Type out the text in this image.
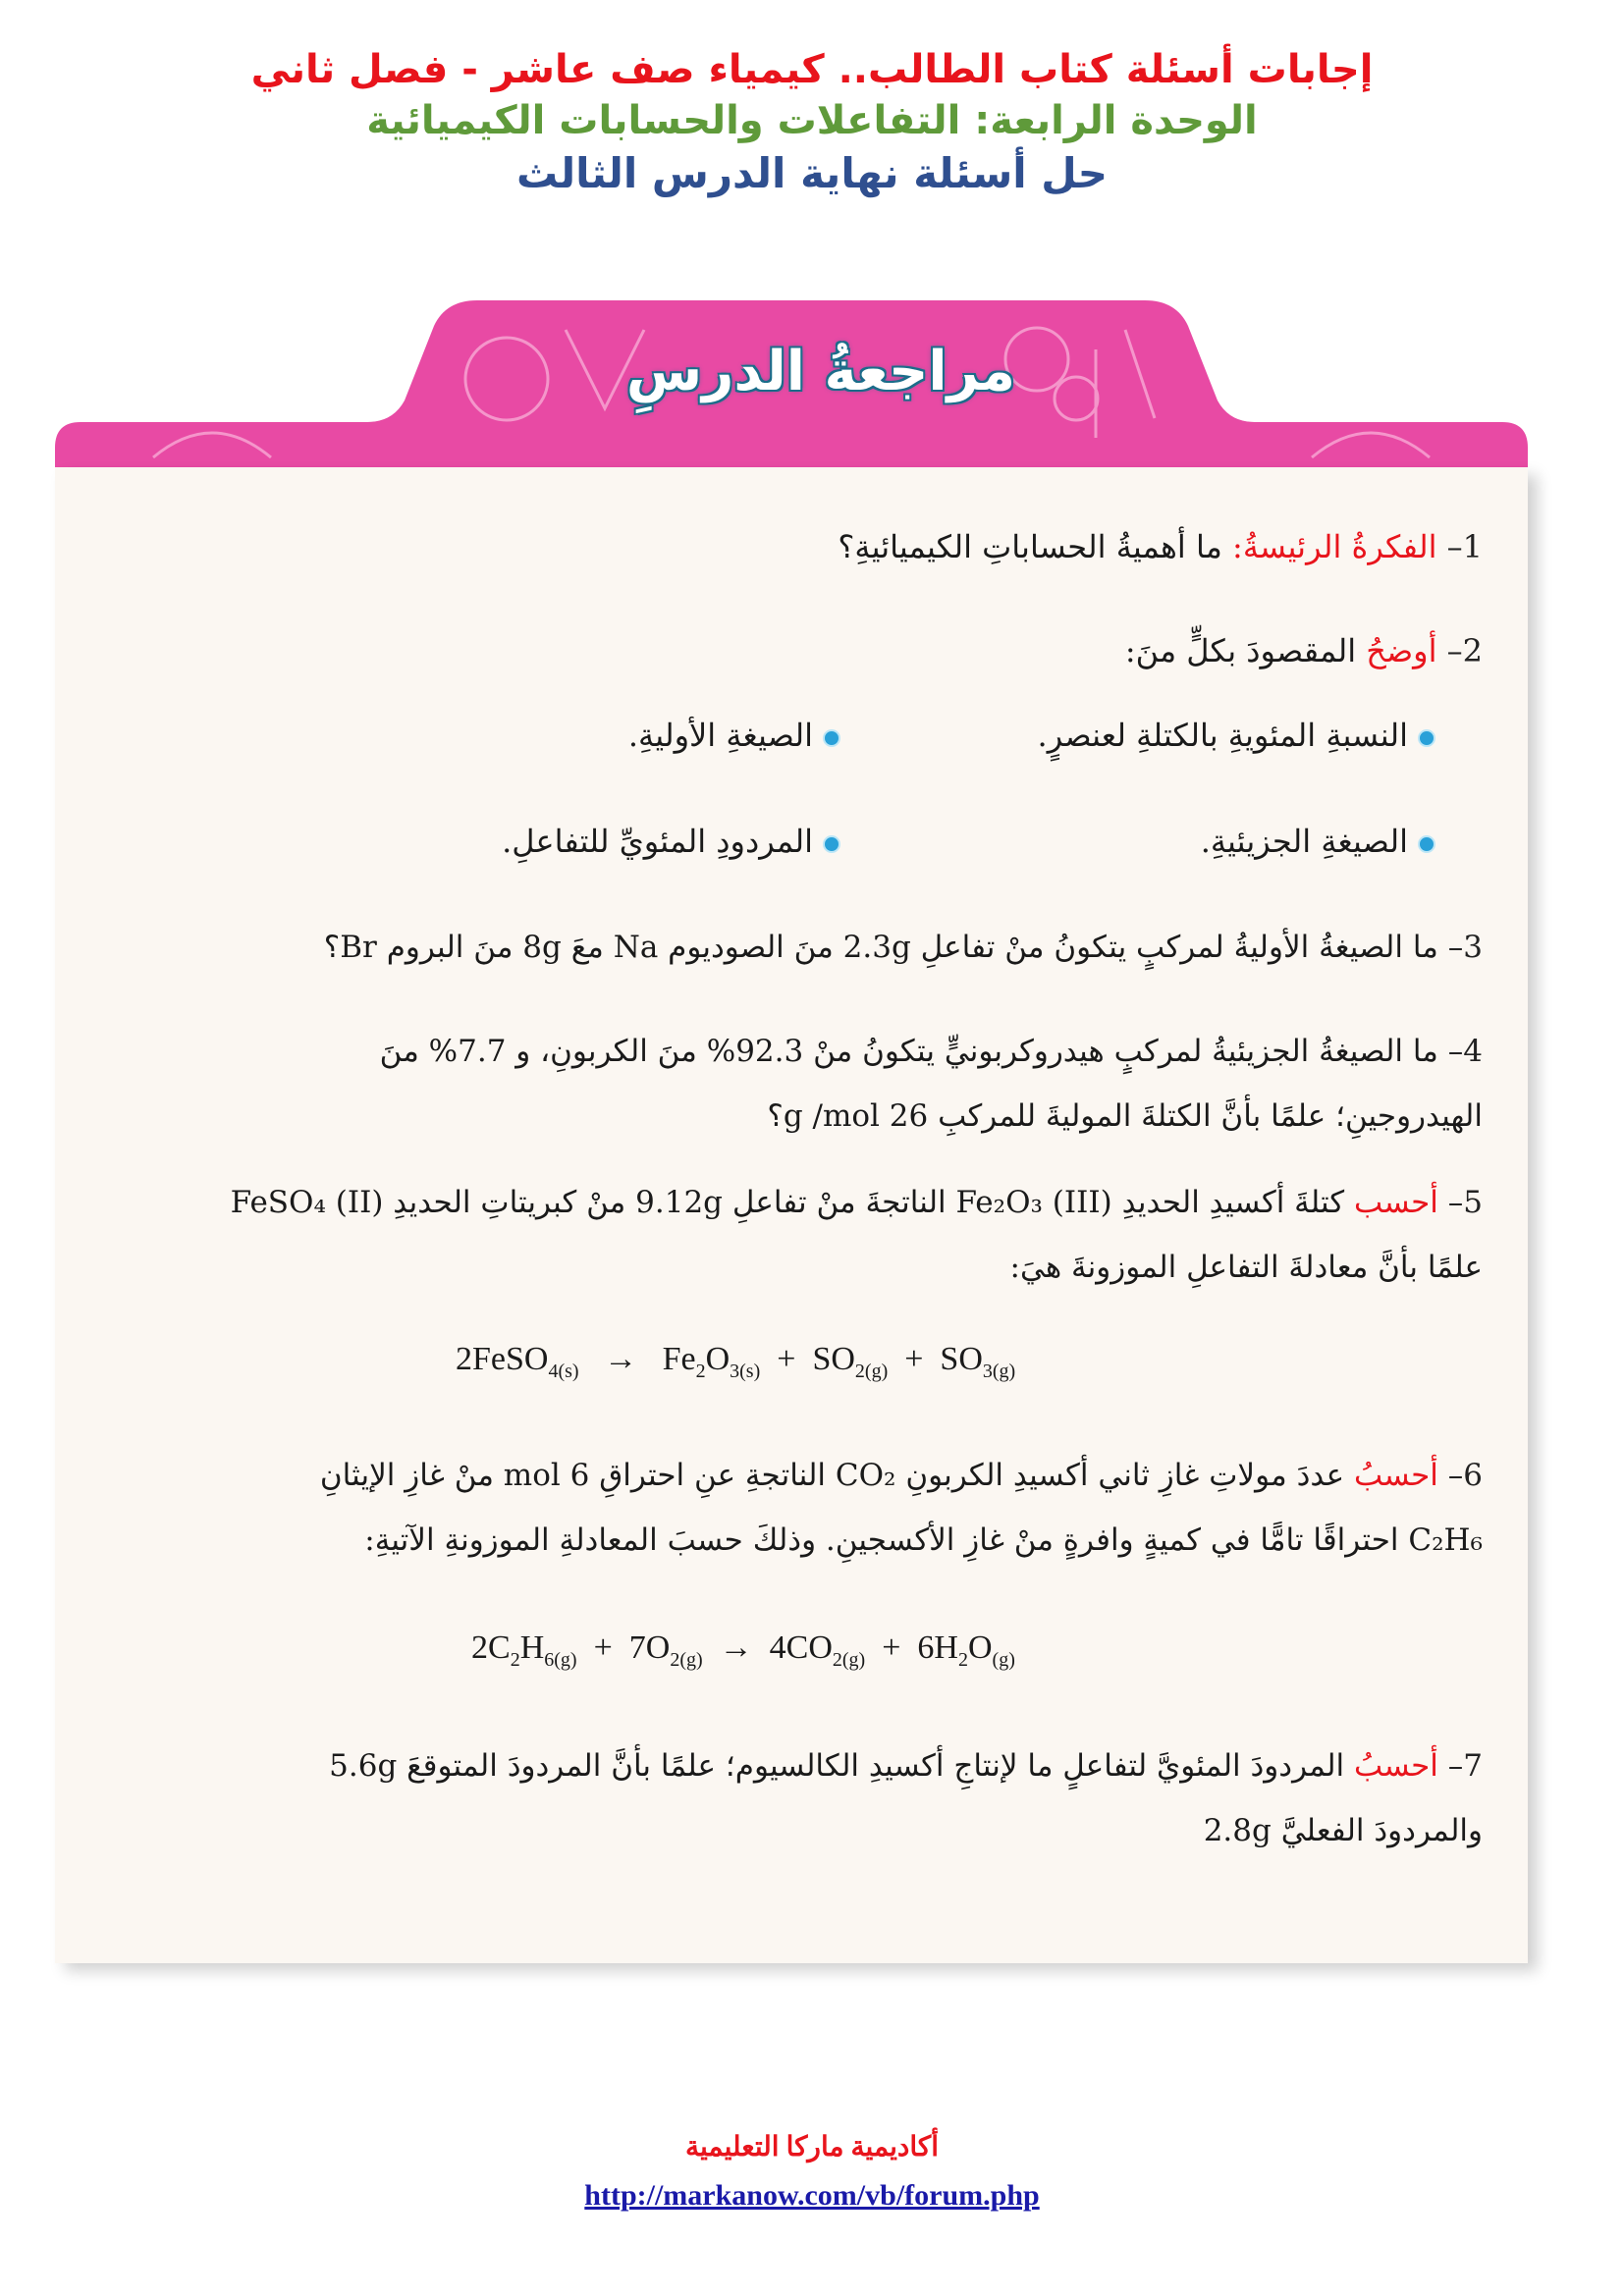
إجابات أسئلة كتاب الطالب.. كيمياء صف عاشر - فصل ثاني
الوحدة الرابعة: التفاعلات والحسابات الكيميائية
حل أسئلة نهاية الدرس الثالث
مراجعةُ الدرسِ
1– الفكرةُ الرئيسةُ: ما أهميةُ الحساباتِ الكيميائيةِ؟
2– أوضحُ المقصودَ بكلٍّ منَ:
النسبةِ المئويةِ بالكتلةِ لعنصرٍ.
الصيغةِ الأوليةِ.
الصيغةِ الجزيئيةِ.
المردودِ المئويِّ للتفاعلِ.
3– ما الصيغةُ الأوليةُ لمركبٍ يتكونُ منْ تفاعلِ 2.3g منَ الصوديوم Na معَ 8g منَ البروم Br؟
4– ما الصيغةُ الجزيئيةُ لمركبٍ هيدروكربونيٍّ يتكونُ منْ 92.3% منَ الكربونِ، و 7.7% منَ
الهيدروجينِ؛ علمًا بأنَّ الكتلةَ الموليةَ للمركبِ 26 g /mol؟
5– أحسب كتلةَ أكسيدِ الحديدِ (III) Fe₂O₃ الناتجةَ منْ تفاعلِ 9.12g منْ كبريتاتِ الحديدِ (II) FeSO₄
علمًا بأنَّ معادلةَ التفاعلِ الموزونةَ هيَ:
2FeSO$_{4(s)}$ → $Fe_2O_{3(s)} + SO_{2(g)} + SO_{3(g)}$
6– أحسبُ عددَ مولاتِ غازِ ثاني أكسيدِ الكربونِ CO₂ الناتجةِ عنِ احتراقِ 6 mol منْ غازِ الإيثانِ
C₂H₆ احتراقًا تامًّا في كميةٍ وافرةٍ منْ غازِ الأكسجينِ. وذلكَ حسبَ المعادلةِ الموزونةِ الآتيةِ:
$2C_2H_{6(g)} + 7O_{2(g)} \to 4CO_{2(g)} + 6H_2O_{(g)}$
7– أحسبُ المردودَ المئويَّ لتفاعلٍ ما لإنتاجِ أكسيدِ الكالسيوم؛ علمًا بأنَّ المردودَ المتوقعَ 5.6g
والمردودَ الفعليَّ 2.8g
أكاديمية ماركا التعليمية
http://markanow.com/vb/forum.php
